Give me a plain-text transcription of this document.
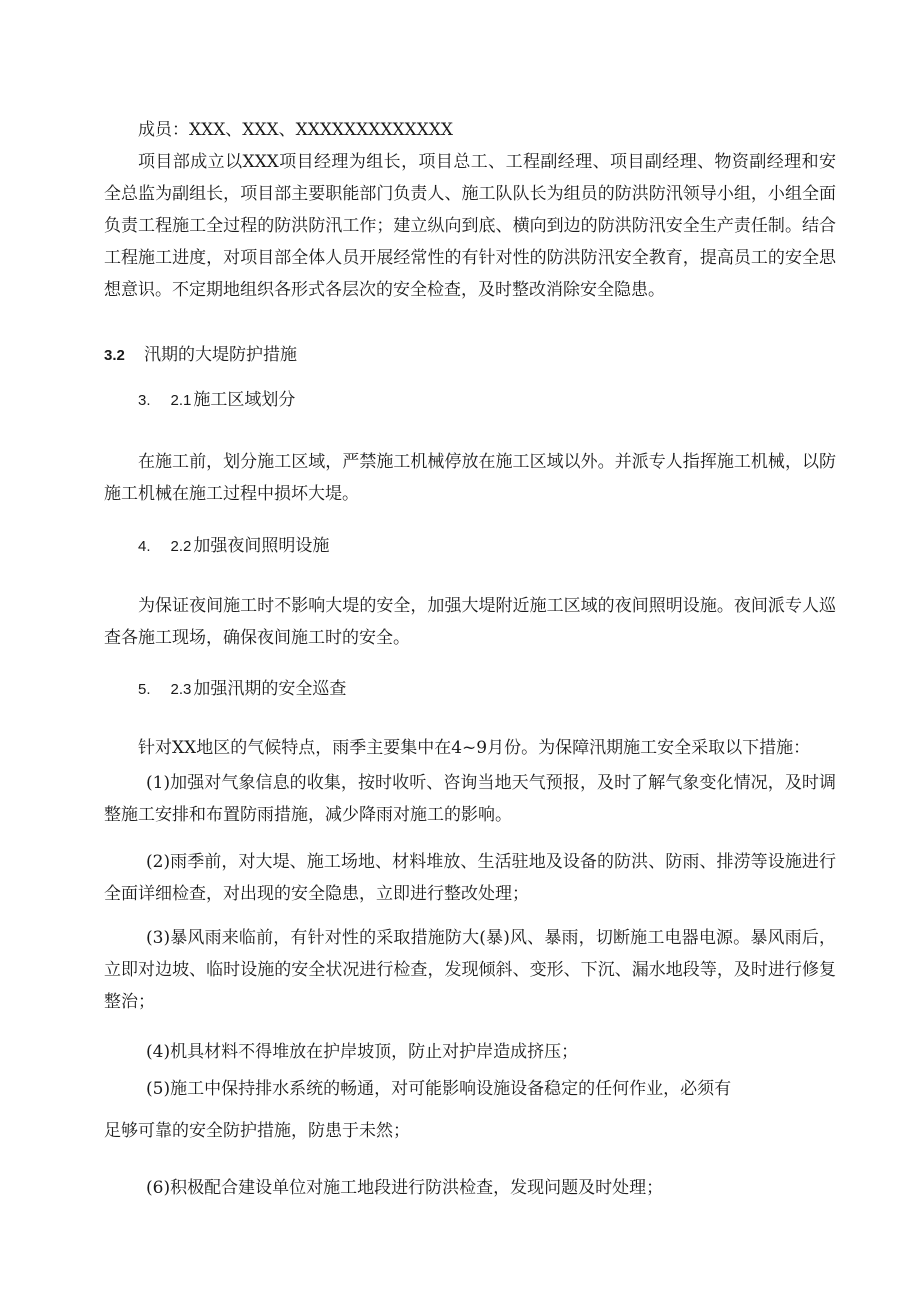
成员：XXX、XXX、XXXXXXXXXXXXX

项目部成立以XXX项目经理为组长，项目总工、工程副经理、项目副经理、物资副经理和安全总监为副组长，项目部主要职能部门负责人、施工队队长为组员的防洪防汛领导小组，小组全面负责工程施工全过程的防洪防汛工作；建立纵向到底、横向到边的防洪防汛安全生产责任制。结合工程施工进度，对项目部全体人员开展经常性的有针对性的防洪防汛安全教育，提高员工的安全思想意识。不定期地组织各形式各层次的安全检查，及时整改消除安全隐患。

3.2 汛期的大堤防护措施
3. 2.1 施工区域划分

在施工前，划分施工区域，严禁施工机械停放在施工区域以外。并派专人指挥施工机械，以防施工机械在施工过程中损坏大堤。

4. 2.2 加强夜间照明设施

为保证夜间施工时不影响大堤的安全，加强大堤附近施工区域的夜间照明设施。夜间派专人巡查各施工现场，确保夜间施工时的安全。

5. 2.3 加强汛期的安全巡查

针对XX地区的气候特点，雨季主要集中在4~9月份。为保障汛期施工安全采取以下措施：

(1)加强对气象信息的收集，按时收听、咨询当地天气预报，及时了解气象变化情况，及时调整施工安排和布置防雨措施，减少降雨对施工的影响。

(2)雨季前，对大堤、施工场地、材料堆放、生活驻地及设备的防洪、防雨、排涝等设施进行全面详细检查，对出现的安全隐患，立即进行整改处理；

(3)暴风雨来临前，有针对性的采取措施防大(暴)风、暴雨，切断施工电器电源。暴风雨后，立即对边坡、临时设施的安全状况进行检查，发现倾斜、变形、下沉、漏水地段等，及时进行修复整治；

(4)机具材料不得堆放在护岸坡顶，防止对护岸造成挤压；

(5)施工中保持排水系统的畅通，对可能影响设施设备稳定的任何作业，必须有

足够可靠的安全防护措施，防患于未然；

(6)积极配合建设单位对施工地段进行防洪检查，发现问题及时处理；
